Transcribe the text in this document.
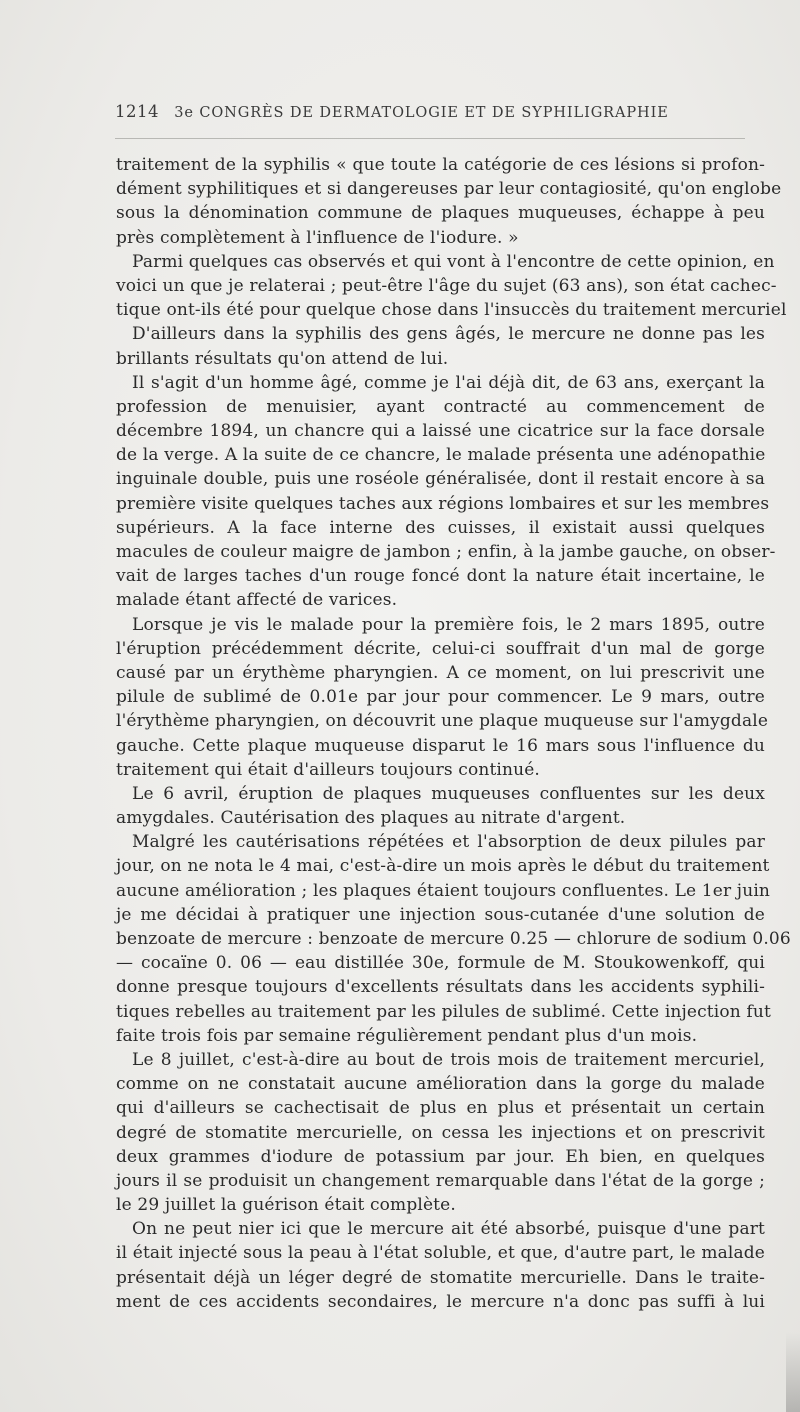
1214 3e CONGRÈS DE DERMATOLOGIE ET DE SYPHILIGRAPHIE
traitement de la syphilis « que toute la catégorie de ces lésions si profon-
dément syphilitiques et si dangereuses par leur contagiosité, qu'on englobe
sous la dénomination commune de plaques muqueuses, échappe à peu
près complètement à l'influence de l'iodure. »
Parmi quelques cas observés et qui vont à l'encontre de cette opinion, en
voici un que je relaterai ; peut-être l'âge du sujet (63 ans), son état cachec-
tique ont-ils été pour quelque chose dans l'insuccès du traitement mercuriel
D'ailleurs dans la syphilis des gens âgés, le mercure ne donne pas les
brillants résultats qu'on attend de lui.
Il s'agit d'un homme âgé, comme je l'ai déjà dit, de 63 ans, exerçant la
profession de menuisier, ayant contracté au commencement de
décembre 1894, un chancre qui a laissé une cicatrice sur la face dorsale
de la verge. A la suite de ce chancre, le malade présenta une adénopathie
inguinale double, puis une roséole généralisée, dont il restait encore à sa
première visite quelques taches aux régions lombaires et sur les membres
supérieurs. A la face interne des cuisses, il existait aussi quelques
macules de couleur maigre de jambon ; enfin, à la jambe gauche, on obser-
vait de larges taches d'un rouge foncé dont la nature était incertaine, le
malade étant affecté de varices.
Lorsque je vis le malade pour la première fois, le 2 mars 1895, outre
l'éruption précédemment décrite, celui-ci souffrait d'un mal de gorge
causé par un érythème pharyngien. A ce moment, on lui prescrivit une
pilule de sublimé de 0.01e par jour pour commencer. Le 9 mars, outre
l'érythème pharyngien, on découvrit une plaque muqueuse sur l'amygdale
gauche. Cette plaque muqueuse disparut le 16 mars sous l'influence du
traitement qui était d'ailleurs toujours continué.
Le 6 avril, éruption de plaques muqueuses confluentes sur les deux
amygdales. Cautérisation des plaques au nitrate d'argent.
Malgré les cautérisations répétées et l'absorption de deux pilules par
jour, on ne nota le 4 mai, c'est-à-dire un mois après le début du traitement
aucune amélioration ; les plaques étaient toujours confluentes. Le 1er juin
je me décidai à pratiquer une injection sous-cutanée d'une solution de
benzoate de mercure : benzoate de mercure 0.25 — chlorure de sodium 0.06
— cocaïne 0. 06 — eau distillée 30e, formule de M. Stoukowenkoff, qui
donne presque toujours d'excellents résultats dans les accidents syphili-
tiques rebelles au traitement par les pilules de sublimé. Cette injection fut
faite trois fois par semaine régulièrement pendant plus d'un mois.
Le 8 juillet, c'est-à-dire au bout de trois mois de traitement mercuriel,
comme on ne constatait aucune amélioration dans la gorge du malade
qui d'ailleurs se cachectisait de plus en plus et présentait un certain
degré de stomatite mercurielle, on cessa les injections et on prescrivit
deux grammes d'iodure de potassium par jour. Eh bien, en quelques
jours il se produisit un changement remarquable dans l'état de la gorge ;
le 29 juillet la guérison était complète.
On ne peut nier ici que le mercure ait été absorbé, puisque d'une part
il était injecté sous la peau à l'état soluble, et que, d'autre part, le malade
présentait déjà un léger degré de stomatite mercurielle. Dans le traite-
ment de ces accidents secondaires, le mercure n'a donc pas suffi à lui
